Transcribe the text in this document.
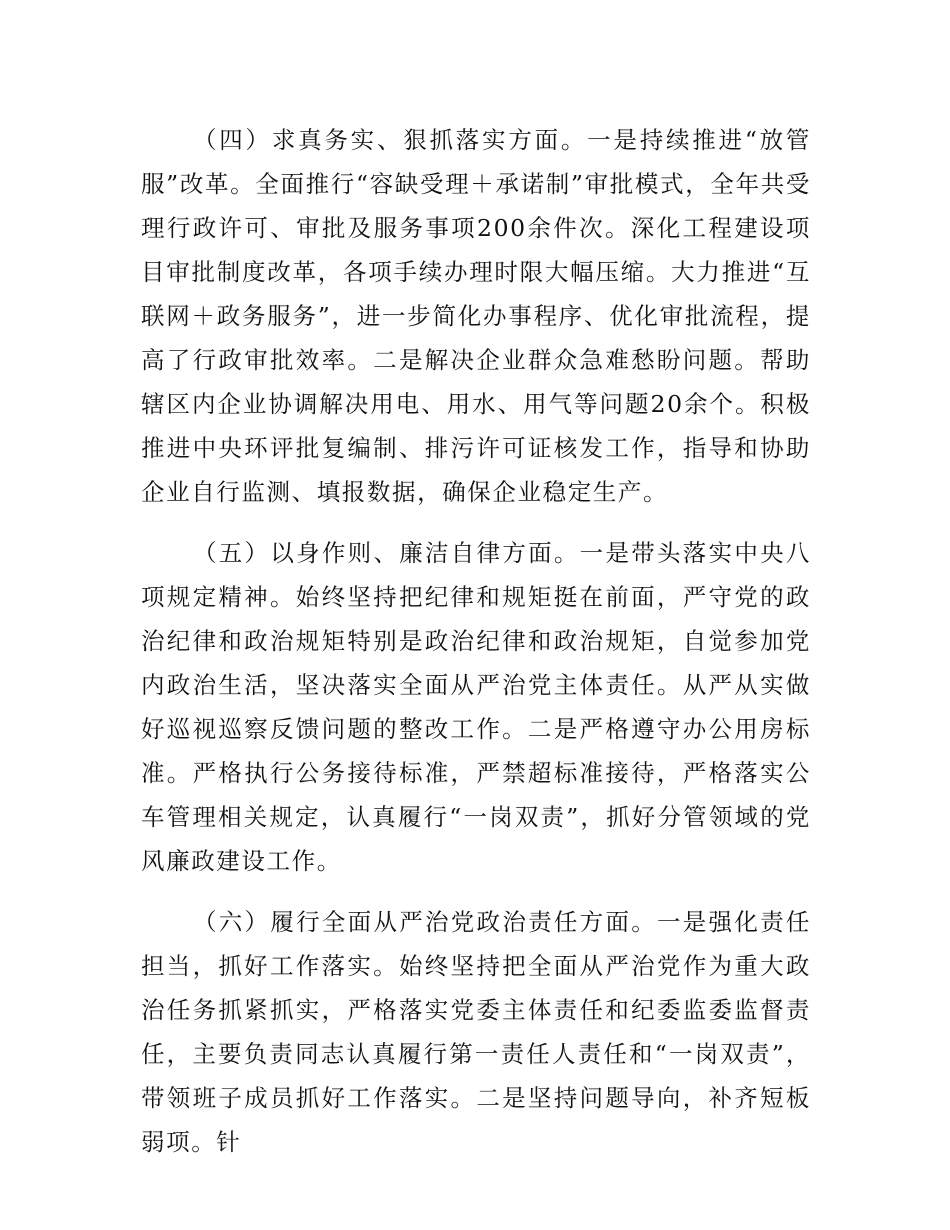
（四）求真务实、狠抓落实方面。一是持续推进“放管服”改革。全面推行“容缺受理＋承诺制”审批模式，全年共受理行政许可、审批及服务事项200余件次。深化工程建设项目审批制度改革，各项手续办理时限大幅压缩。大力推进“互联网＋政务服务”，进一步简化办事程序、优化审批流程，提高了行政审批效率。二是解决企业群众急难愁盼问题。帮助辖区内企业协调解决用电、用水、用气等问题20余个。积极推进中央环评批复编制、排污许可证核发工作，指导和协助企业自行监测、填报数据，确保企业稳定生产。

（五）以身作则、廉洁自律方面。一是带头落实中央八项规定精神。始终坚持把纪律和规矩挺在前面，严守党的政治纪律和政治规矩特别是政治纪律和政治规矩，自觉参加党内政治生活，坚决落实全面从严治党主体责任。从严从实做好巡视巡察反馈问题的整改工作。二是严格遵守办公用房标准。严格执行公务接待标准，严禁超标准接待，严格落实公车管理相关规定，认真履行“一岗双责”，抓好分管领域的党风廉政建设工作。

（六）履行全面从严治党政治责任方面。一是强化责任担当，抓好工作落实。始终坚持把全面从严治党作为重大政治任务抓紧抓实，严格落实党委主体责任和纪委监委监督责任，主要负责同志认真履行第一责任人责任和“一岗双责”，带领班子成员抓好工作落实。二是坚持问题导向，补齐短板弱项。针
